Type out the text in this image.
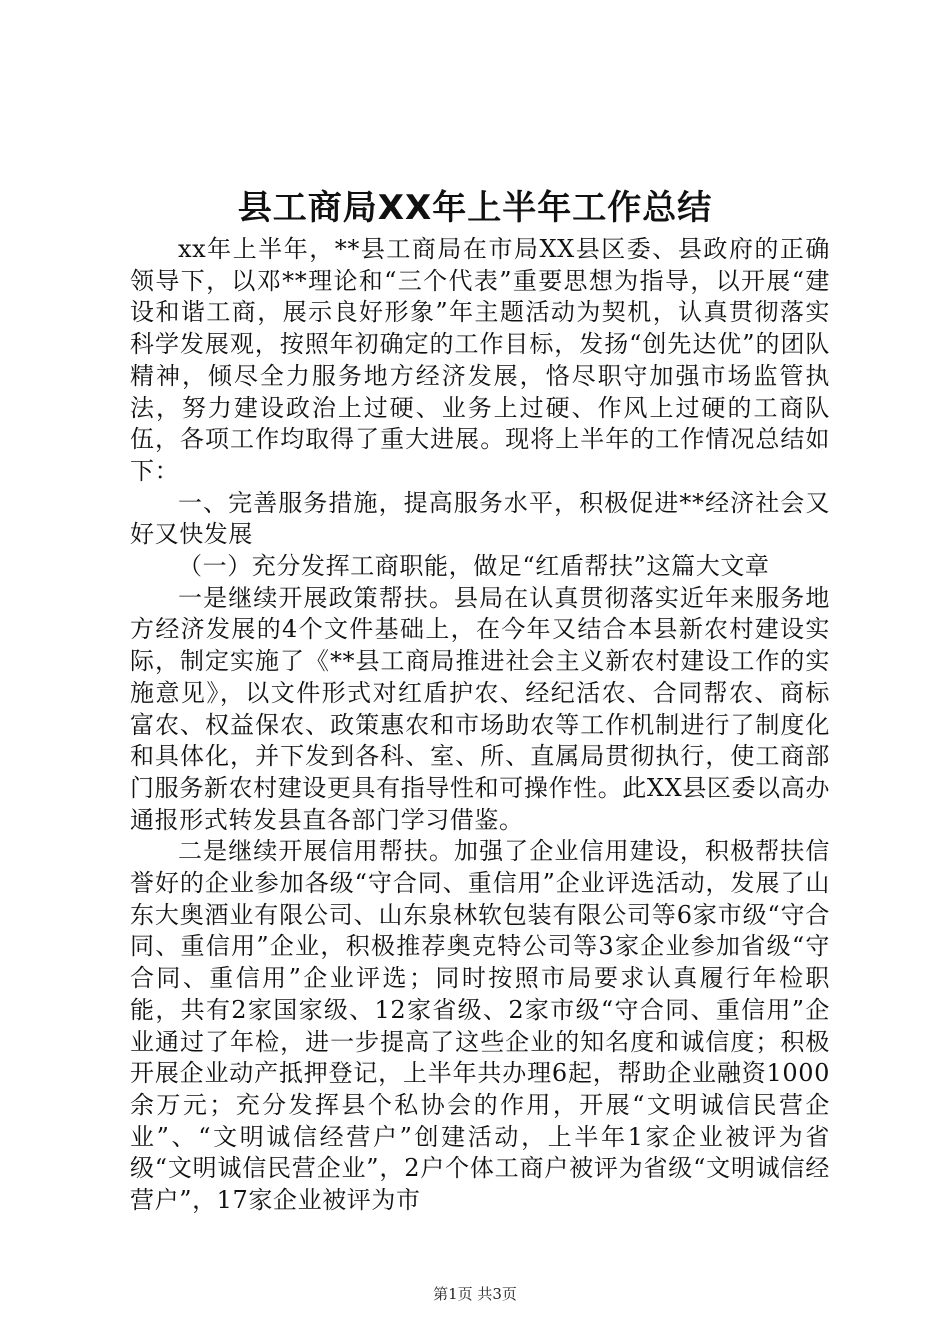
县工商局XX年上半年工作总结

xx年上半年，**县工商局在市局XX县区委、县政府的正确领导下，以邓**理论和“三个代表”重要思想为指导，以开展“建设和谐工商，展示良好形象”年主题活动为契机，认真贯彻落实科学发展观，按照年初确定的工作目标，发扬“创先达优”的团队精神，倾尽全力服务地方经济发展，恪尽职守加强市场监管执法，努力建设政治上过硬、业务上过硬、作风上过硬的工商队伍，各项工作均取得了重大进展。现将上半年的工作情况总结如下：

一、完善服务措施，提高服务水平，积极促进**经济社会又好又快发展

（一）充分发挥工商职能，做足“红盾帮扶”这篇大文章

一是继续开展政策帮扶。县局在认真贯彻落实近年来服务地方经济发展的4个文件基础上，在今年又结合本县新农村建设实际，制定实施了《**县工商局推进社会主义新农村建设工作的实施意见》，以文件形式对红盾护农、经纪活农、合同帮农、商标富农、权益保农、政策惠农和市场助农等工作机制进行了制度化和具体化，并下发到各科、室、所、直属局贯彻执行，使工商部门服务新农村建设更具有指导性和可操作性。此XX县区委以高办通报形式转发县直各部门学习借鉴。

二是继续开展信用帮扶。加强了企业信用建设，积极帮扶信誉好的企业参加各级“守合同、重信用”企业评选活动，发展了山东大奥酒业有限公司、山东泉林软包装有限公司等6家市级“守合同、重信用”企业，积极推荐奥克特公司等3家企业参加省级“守合同、重信用”企业评选；同时按照市局要求认真履行年检职能，共有2家国家级、12家省级、2家市级“守合同、重信用”企业通过了年检，进一步提高了这些企业的知名度和诚信度；积极开展企业动产抵押登记，上半年共办理6起，帮助企业融资1000余万元；充分发挥县个私协会的作用，开展“文明诚信民营企业”、“文明诚信经营户”创建活动，上半年1家企业被评为省级“文明诚信民营企业”，2户个体工商户被评为省级“文明诚信经营户”，17家企业被评为市

第1页 共3页
